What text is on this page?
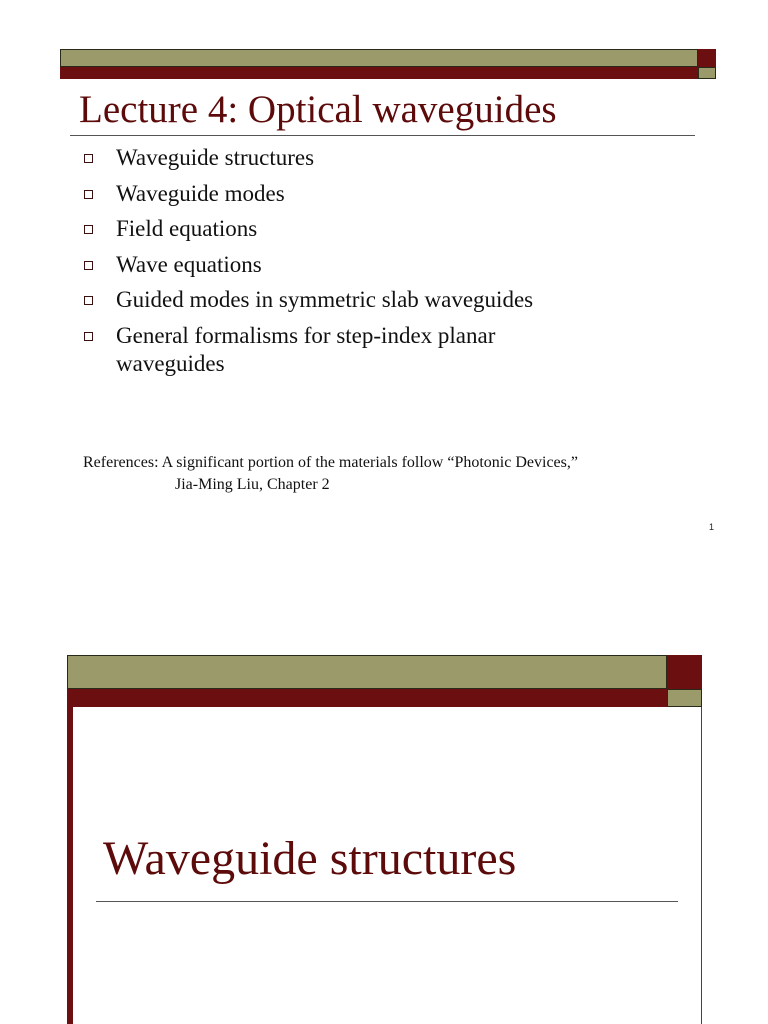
Lecture 4: Optical waveguides
Waveguide structures
Waveguide modes
Field equations
Wave equations
Guided modes in symmetric slab waveguides
General formalisms for step-index planar waveguides
References: A significant portion of the materials follow “Photonic Devices,”
Jia-Ming Liu, Chapter 2
1
Waveguide structures
